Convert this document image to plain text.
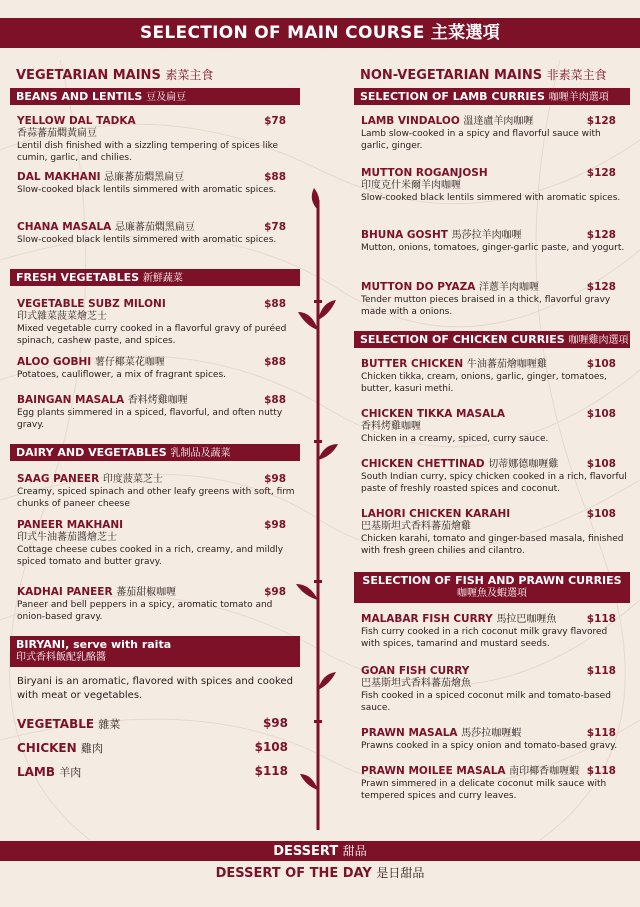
SELECTION OF MAIN COURSE 主菜選項
VEGETARIAN MAINS 素菜主食
BEANS AND LENTILS 豆及扁豆
YELLOW DAL TADKA	$78
香蒜蕃茄燜黃扁豆
Lentil dish finished with a sizzling tempering of spices like cumin, garlic, and chilies.
DAL MAKHANI 忌廉蕃茄燜黑扁豆	$88
Slow-cooked black lentils simmered with aromatic spices.
CHANA MASALA 忌廉蕃茄燜黑扁豆	$78
Slow-cooked black lentils simmered with aromatic spices.
FRESH VEGETABLES 新鮮蔬菜
VEGETABLE SUBZ MILONI	$88
印式雜菜菠菜燴芝士
Mixed vegetable curry cooked in a flavorful gravy of puréed spinach, cashew paste, and spices.
ALOO GOBHI 薯仔椰菜花咖喱	$88
Potatoes, cauliflower, a mix of fragrant spices.
BAINGAN MASALA 香料烤雞咖喱	$88
Egg plants simmered in a spiced, flavorful, and often nutty gravy.
DAIRY AND VEGETABLES 乳制品及蔬菜
SAAG PANEER 印度菠菜芝士	$98
Creamy, spiced spinach and other leafy greens with soft, firm chunks of paneer cheese
PANEER MAKHANI	$98
印式牛油蕃茄醬燴芝士
Cottage cheese cubes cooked in a rich, creamy, and mildly spiced tomato and butter gravy.
KADHAI PANEER 蕃茄甜椒咖喱	$98
Paneer and bell peppers in a spicy, aromatic tomato and onion-based gravy.
BIRYANI, serve with raita
印式香料飯配乳酪醬
Biryani is an aromatic, flavored with spices and cooked with meat or vegetables.
VEGETABLE 雜菜	$98
CHICKEN 雞肉	$108
LAMB 羊肉	$118
NON-VEGETARIAN MAINS 非素菜主食
SELECTION OF LAMB CURRIES 咖喱羊肉選項
LAMB VINDALOO 溫達盧羊肉咖喱	$128
Lamb slow-cooked in a spicy and flavorful sauce with garlic, ginger.
MUTTON ROGANJOSH	$128
印度克什米爾羊肉咖喱
Slow-cooked black lentils simmered with aromatic spices.
BHUNA GOSHT 馬莎拉羊肉咖喱	$128
Mutton, onions, tomatoes, ginger-garlic paste, and yogurt.
MUTTON DO PYAZA 洋蔥羊肉咖喱	$128
Tender mutton pieces braised in a thick, flavorful gravy made with a onions.
SELECTION OF CHICKEN CURRIES 咖喱雞肉選項
BUTTER CHICKEN 牛油蕃茄燴咖喱雞	$108
Chicken tikka, cream, onions, garlic, ginger, tomatoes, butter, kasuri methi.
CHICKEN TIKKA MASALA	$108
香料烤雞咖喱
Chicken in a creamy, spiced, curry sauce.
CHICKEN CHETTINAD 切蒂娜德咖喱雞	$108
South Indian curry, spicy chicken cooked in a rich, flavorful paste of freshly roasted spices and coconut.
LAHORI CHICKEN KARAHI	$108
巴基斯坦式香料蕃茄燴雞
Chicken karahi, tomato and ginger-based masala, finished with fresh green chilies and cilantro.
SELECTION OF FISH AND PRAWN CURRIES
咖喱魚及蝦選項
MALABAR FISH CURRY 馬拉巴咖喱魚	$118
Fish curry cooked in a rich coconut milk gravy flavored with spices, tamarind and mustard seeds.
GOAN FISH CURRY	$118
巴基斯坦式香料蕃茄燴魚
Fish cooked in a spiced coconut milk and tomato-based sauce.
PRAWN MASALA 馬莎拉咖喱蝦	$118
Prawns cooked in a spicy onion and tomato-based gravy.
PRAWN MOILEE MASALA 南印椰香咖喱蝦 $118
Prawn simmered in a delicate coconut milk sauce with tempered spices and curry leaves.
DESSERT 甜品
DESSERT OF THE DAY 是日甜品
